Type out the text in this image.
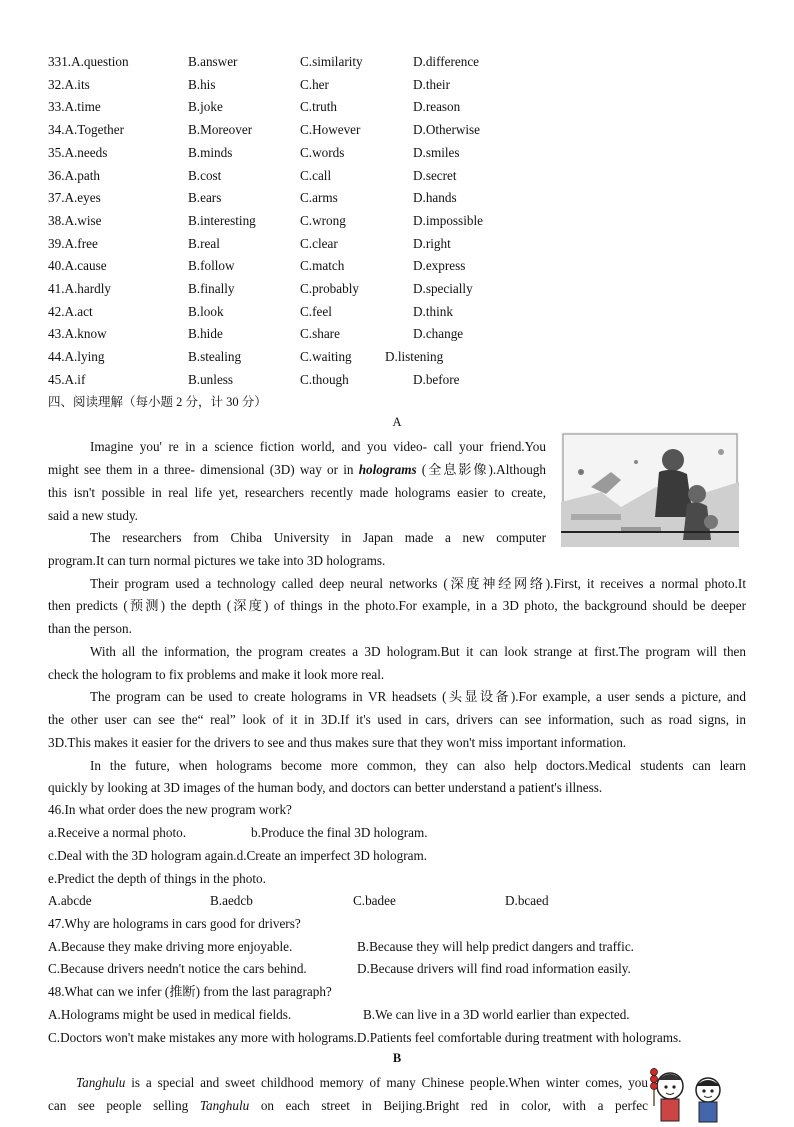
331.A.question	B.answer	C.similarity	D.difference
32.A.its	B.his	C.her	D.their
33.A.time	B.joke	C.truth	D.reason
34.A.Together	B.Moreover	C.However	D.Otherwise
35.A.needs	B.minds	C.words	D.smiles
36.A.path	B.cost	C.call	D.secret
37.A.eyes	B.ears	C.arms	D.hands
38.A.wise	B.interesting	C.wrong	D.impossible
39.A.free	B.real	C.clear	D.right
40.A.cause	B.follow	C.match	D.express
41.A.hardly	B.finally	C.probably	D.specially
42.A.act	B.look	C.feel	D.think
43.A.know	B.hide	C.share	D.change
44.A.lying	B.stealing	C.waiting	D.listening
45.A.if	B.unless	C.though	D.before
四、阅读理解（每小题 2 分，计 30 分）
A
Imagine you' re in a science fiction world, and you video- call your friend.You
might see them in a three- dimensional (3D) way or in holograms (全息影像).Although
this isn't possible in real life yet, researchers recently made holograms easier to create,
said a new study.
The researchers from Chiba University in Japan made a new computer
program.It can turn normal pictures we take into 3D holograms.
Their program used a technology called deep neural networks (深度神经网络).First, it receives a normal photo.It
then predicts (预测) the depth (深度) of things in the photo.For example, in a 3D photo, the background should be deeper
than the person.
With all the information, the program creates a 3D hologram.But it can look strange at first.The program will then
check the hologram to fix problems and make it look more real.
The program can be used to create holograms in VR headsets (头显设备).For example, a user sends a picture, and
the other user can see the“ real” look of it in 3D.If it's used in cars, drivers can see information, such as road signs, in
3D.This makes it easier for the drivers to see and thus makes sure that they won't miss important information.
In the future, when holograms become more common, they can also help doctors.Medical students can learn
quickly by looking at 3D images of the human body, and doctors can better understand a patient's illness.
46.In what order does the new program work?
a.Receive a normal photo.	b.Produce the final 3D hologram.
c.Deal with the 3D hologram again.d.Create an imperfect 3D hologram.
e.Predict the depth of things in the photo.
A.abcde	B.aedcb	C.badee	D.bcaed
47.Why are holograms in cars good for drivers?
A.Because they make driving more enjoyable.	B.Because they will help predict dangers and traffic.
C.Because drivers needn't notice the cars behind.	D.Because drivers will find road information easily.
48.What can we infer (推断) from the last paragraph?
A.Holograms might be used in medical fields.	B.We can live in a 3D world earlier than expected.
C.Doctors won't make mistakes any more with holograms.D.Patients feel comfortable during treatment with holograms.
B
Tanghulu is a special and sweet childhood memory of many Chinese people.When winter comes, you
can see people selling Tanghulu on each street in Beijing.Bright red in color, with a perfec
